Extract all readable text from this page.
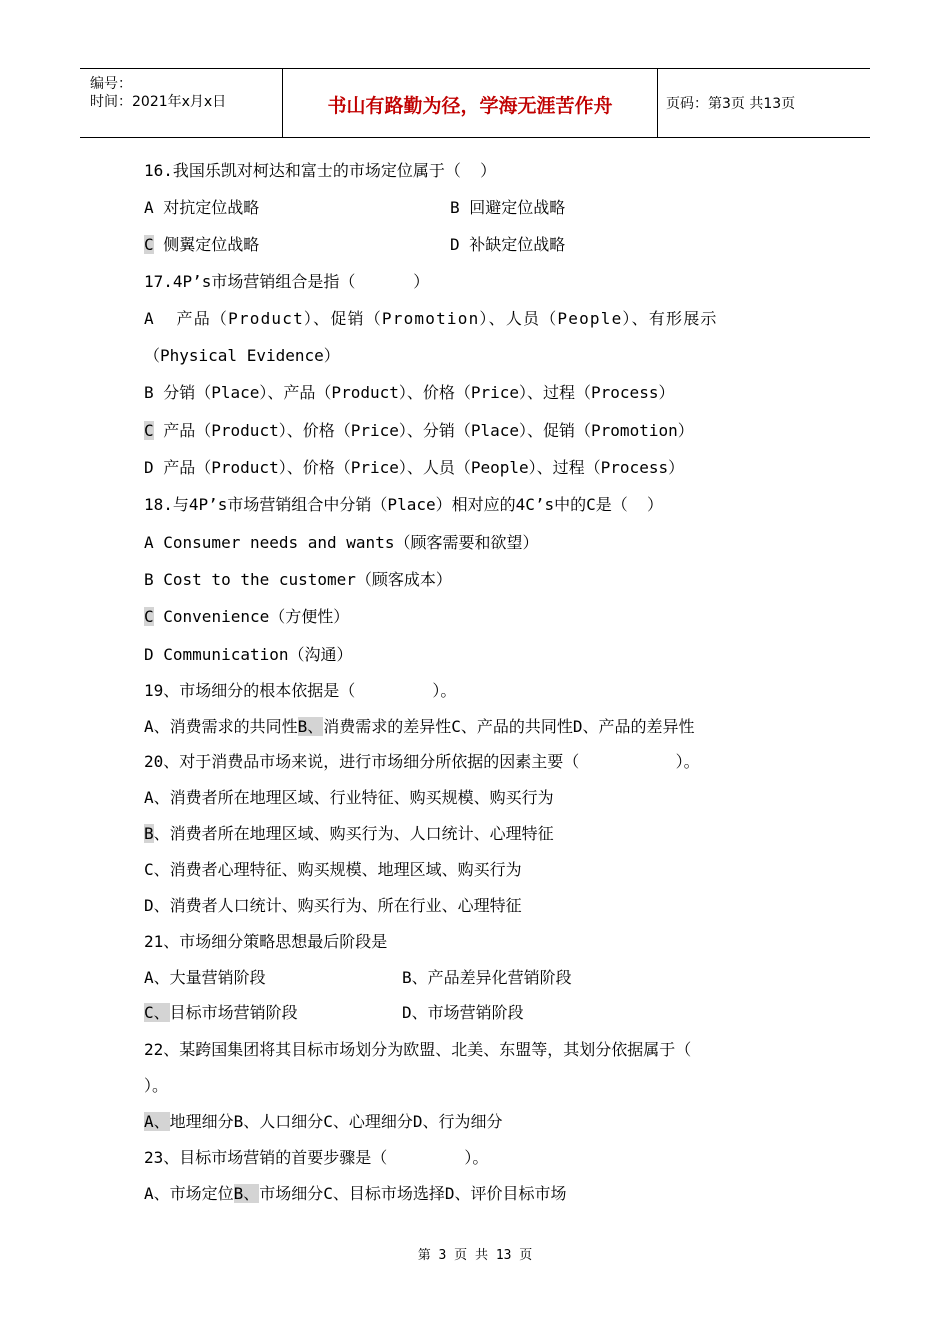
编号：
时间：2021年x月x日	书山有路勤为径，学海无涯苦作舟	页码：第3页 共13页
16.我国乐凯对柯达和富士的市场定位属于（  ）
A 对抗定位战略	B 回避定位战略
C 侧翼定位战略	D 补缺定位战略
17.4P’s市场营销组合是指（      ）
A  产品（Product）、促销（Promotion）、人员（People）、有形展示
（Physical Evidence）
B 分销（Place）、产品（Product）、价格（Price）、过程（Process）
C 产品（Product）、价格（Price）、分销（Place）、促销（Promotion）
D 产品（Product）、价格（Price）、人员（People）、过程（Process）
18.与4P’s市场营销组合中分销（Place）相对应的4C’s中的C是（  ）
A Consumer needs and wants（顾客需要和欲望）
B Cost to the customer（顾客成本）
C Convenience（方便性）
D Communication（沟通）
19、市场细分的根本依据是（        ）。
A、消费需求的共同性B、消费需求的差异性C、产品的共同性D、产品的差异性
20、对于消费品市场来说，进行市场细分所依据的因素主要（          ）。
A、消费者所在地理区域、行业特征、购买规模、购买行为
B、消费者所在地理区域、购买行为、人口统计、心理特征
C、消费者心理特征、购买规模、地理区域、购买行为
D、消费者人口统计、购买行为、所在行业、心理特征
21、市场细分策略思想最后阶段是
A、大量营销阶段	B、产品差异化营销阶段
C、目标市场营销阶段	D、市场营销阶段
22、某跨国集团将其目标市场划分为欧盟、北美、东盟等，其划分依据属于（
）。
A、地理细分B、人口细分C、心理细分D、行为细分
23、目标市场营销的首要步骤是（        ）。
A、市场定位B、市场细分C、目标市场选择D、评价目标市场
第 3 页 共 13 页
